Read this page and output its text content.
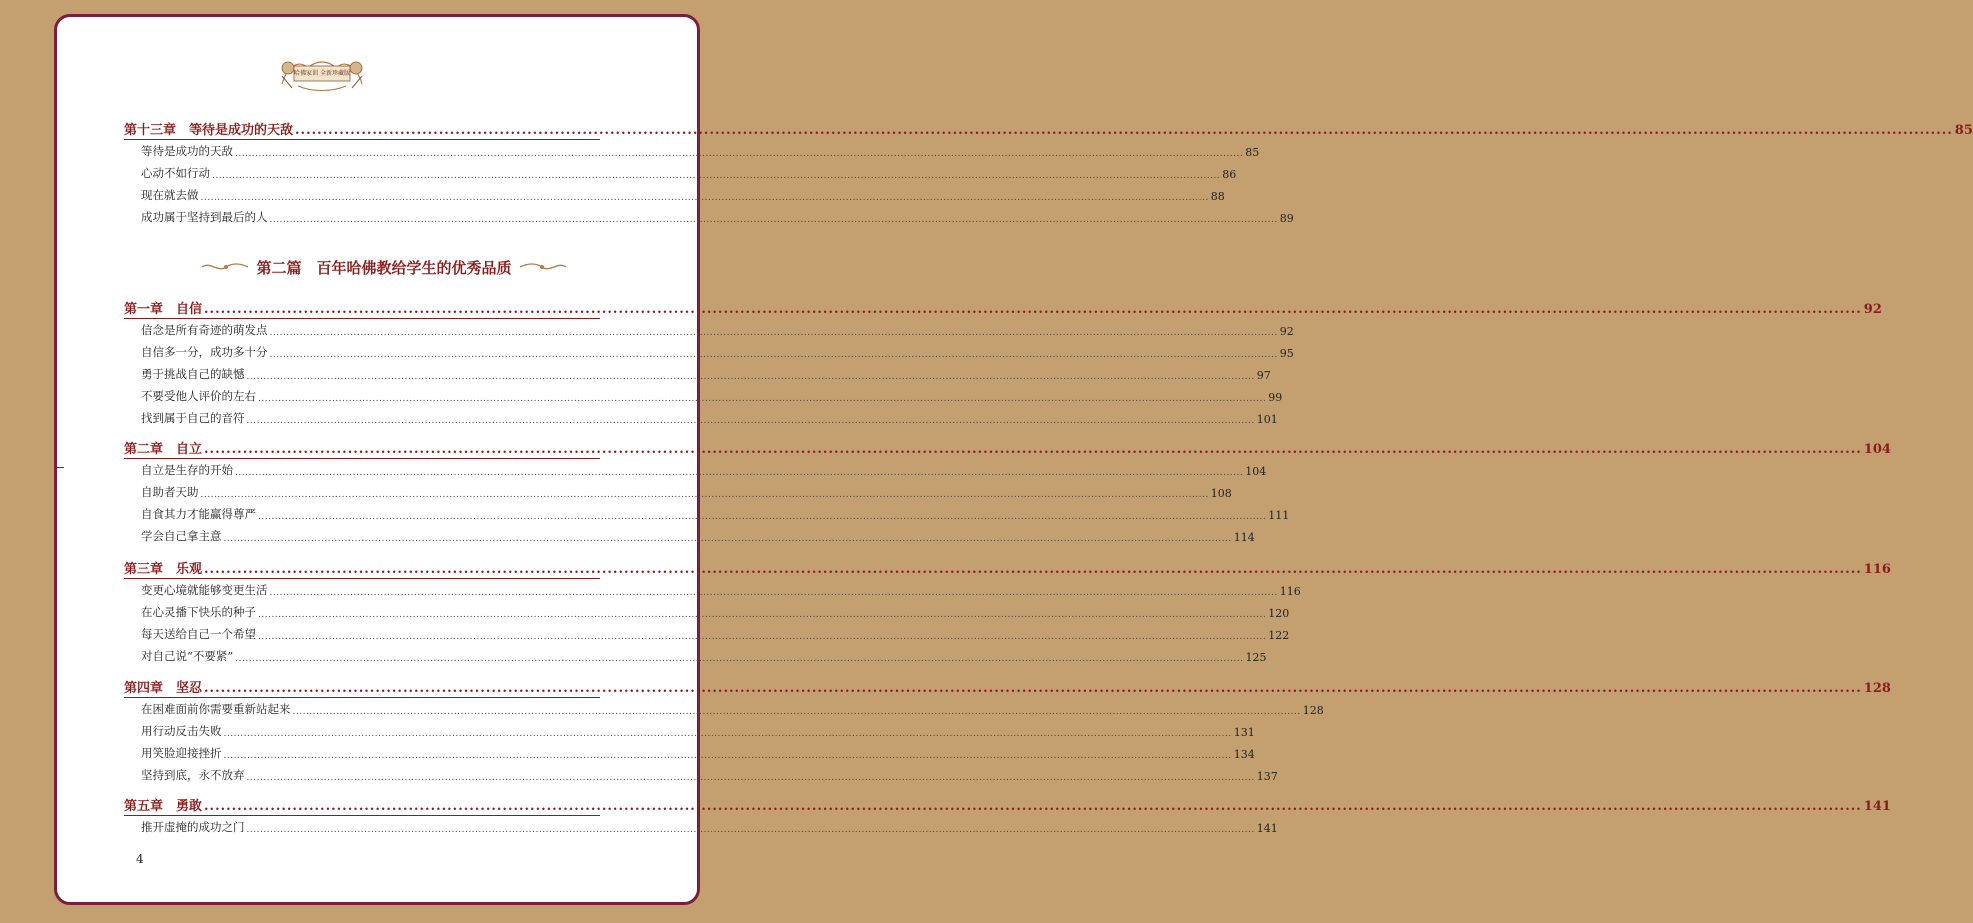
哈佛家训 全新珍藏版
第二篇　百年哈佛教给学生的优秀品质
第十三章　等待是成功的天敌 ............................................................................................................................................................................................................................................................................................................ 85
等待是成功的天敌 ............................................................................................................................................................................................................................................................................................................ 85
心动不如行动 ............................................................................................................................................................................................................................................................................................................ 86
现在就去做 ............................................................................................................................................................................................................................................................................................................ 88
成功属于坚持到最后的人 ............................................................................................................................................................................................................................................................................................................ 89
第一章　自信 ............................................................................................................................................................................................................................................................................................................ 92
信念是所有奇迹的萌发点 ............................................................................................................................................................................................................................................................................................................ 92
自信多一分，成功多十分 ............................................................................................................................................................................................................................................................................................................ 95
勇于挑战自己的缺憾 ............................................................................................................................................................................................................................................................................................................ 97
不要受他人评价的左右 ............................................................................................................................................................................................................................................................................................................ 99
找到属于自己的音符 ............................................................................................................................................................................................................................................................................................................ 101
第二章　自立 ............................................................................................................................................................................................................................................................................................................ 104
自立是生存的开始 ............................................................................................................................................................................................................................................................................................................ 104
自助者天助 ............................................................................................................................................................................................................................................................................................................ 108
自食其力才能赢得尊严 ............................................................................................................................................................................................................................................................................................................ 111
学会自己拿主意 ............................................................................................................................................................................................................................................................................................................ 114
第三章　乐观 ............................................................................................................................................................................................................................................................................................................ 116
变更心境就能够变更生活 ............................................................................................................................................................................................................................................................................................................ 116
在心灵播下快乐的种子 ............................................................................................................................................................................................................................................................................................................ 120
每天送给自己一个希望 ............................................................................................................................................................................................................................................................................................................ 122
对自己说“不要紧” ............................................................................................................................................................................................................................................................................................................ 125
第四章　坚忍 ............................................................................................................................................................................................................................................................................................................ 128
在困难面前你需要重新站起来 ............................................................................................................................................................................................................................................................................................................ 128
用行动反击失败 ............................................................................................................................................................................................................................................................................................................ 131
用笑脸迎接挫折 ............................................................................................................................................................................................................................................................................................................ 134
坚持到底，永不放弃 ............................................................................................................................................................................................................................................................................................................ 137
第五章　勇敢 ............................................................................................................................................................................................................................................................................................................ 141
推开虚掩的成功之门 ............................................................................................................................................................................................................................................................................................................ 141
4
